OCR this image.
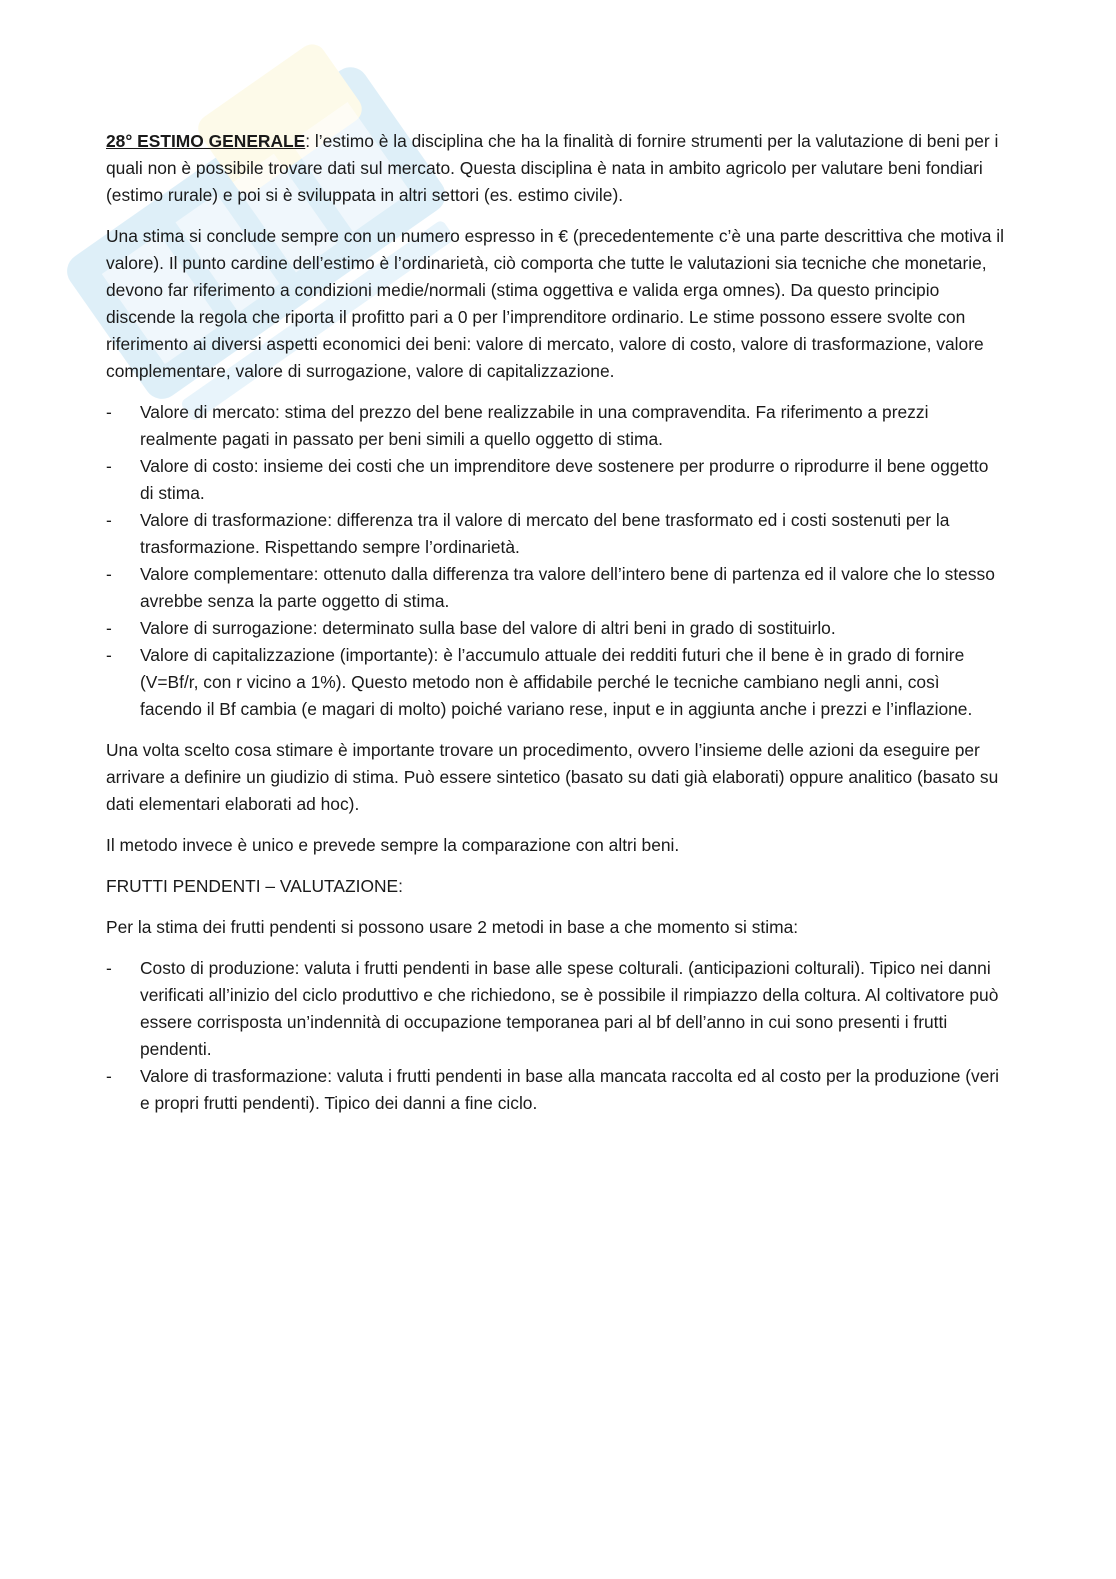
28° ESTIMO GENERALE: l’estimo è la disciplina che ha la finalità di fornire strumenti per la valutazione di beni per i quali non è possibile trovare dati sul mercato. Questa disciplina è nata in ambito agricolo per valutare beni fondiari (estimo rurale) e poi si è sviluppata in altri settori (es. estimo civile).

Una stima si conclude sempre con un numero espresso in € (precedentemente c’è una parte descrittiva che motiva il valore). Il punto cardine dell’estimo è l’ordinarietà, ciò comporta che tutte le valutazioni sia tecniche che monetarie, devono far riferimento a condizioni medie/normali (stima oggettiva e valida erga omnes). Da questo principio discende la regola che riporta il profitto pari a 0 per l’imprenditore ordinario. Le stime possono essere svolte con riferimento ai diversi aspetti economici dei beni: valore di mercato, valore di costo, valore di trasformazione, valore complementare, valore di surrogazione, valore di capitalizzazione.

- Valore di mercato: stima del prezzo del bene realizzabile in una compravendita. Fa riferimento a prezzi realmente pagati in passato per beni simili a quello oggetto di stima.
- Valore di costo: insieme dei costi che un imprenditore deve sostenere per produrre o riprodurre il bene oggetto di stima.
- Valore di trasformazione: differenza tra il valore di mercato del bene trasformato ed i costi sostenuti per la trasformazione. Rispettando sempre l’ordinarietà.
- Valore complementare: ottenuto dalla differenza tra valore dell’intero bene di partenza ed il valore che lo stesso avrebbe senza la parte oggetto di stima.
- Valore di surrogazione: determinato sulla base del valore di altri beni in grado di sostituirlo.
- Valore di capitalizzazione (importante): è l’accumulo attuale dei redditi futuri che il bene è in grado di fornire (V=Bf/r, con r vicino a 1%). Questo metodo non è affidabile perché le tecniche cambiano negli anni, così facendo il Bf cambia (e magari di molto) poiché variano rese, input e in aggiunta anche i prezzi e l’inflazione.

Una volta scelto cosa stimare è importante trovare un procedimento, ovvero l’insieme delle azioni da eseguire per arrivare a definire un giudizio di stima. Può essere sintetico (basato su dati già elaborati) oppure analitico (basato su dati elementari elaborati ad hoc).

Il metodo invece è unico e prevede sempre la comparazione con altri beni.

FRUTTI PENDENTI – VALUTAZIONE:

Per la stima dei frutti pendenti si possono usare 2 metodi in base a che momento si stima:

- Costo di produzione: valuta i frutti pendenti in base alle spese colturali. (anticipazioni colturali). Tipico nei danni verificati all’inizio del ciclo produttivo e che richiedono, se è possibile il rimpiazzo della coltura. Al coltivatore può essere corrisposta un’indennità di occupazione temporanea pari al bf dell’anno in cui sono presenti i frutti pendenti.
- Valore di trasformazione: valuta i frutti pendenti in base alla mancata raccolta ed al costo per la produzione (veri e propri frutti pendenti). Tipico dei danni a fine ciclo.
